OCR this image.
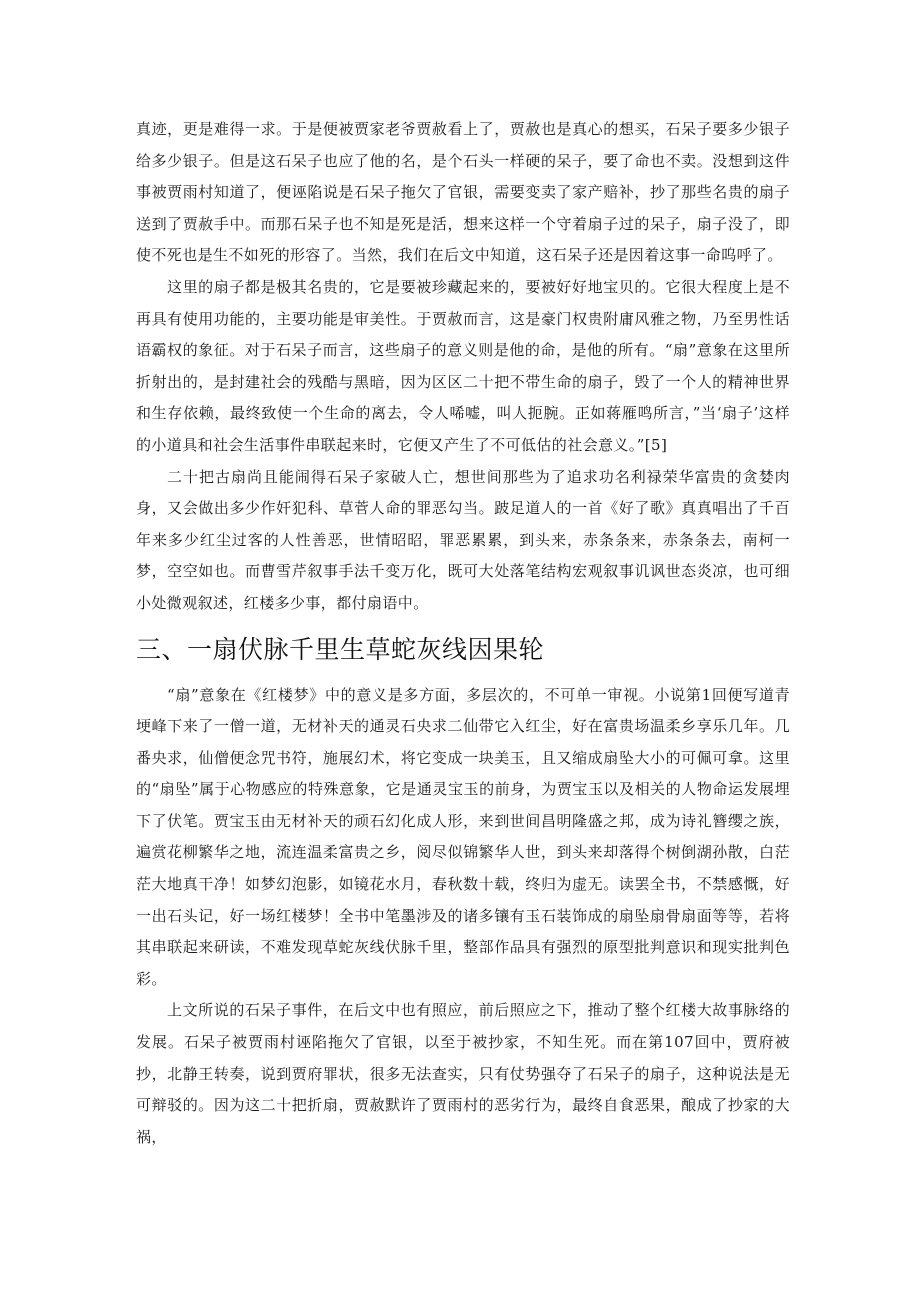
真迹，更是难得一求。于是便被贾家老爷贾赦看上了，贾赦也是真心的想买，石呆子要多少银子给多少银子。但是这石呆子也应了他的名，是个石头一样硬的呆子，要了命也不卖。没想到这件事被贾雨村知道了，便诬陷说是石呆子拖欠了官银，需要变卖了家产赔补，抄了那些名贵的扇子送到了贾赦手中。而那石呆子也不知是死是活，想来这样一个守着扇子过的呆子，扇子没了，即使不死也是生不如死的形容了。当然，我们在后文中知道，这石呆子还是因着这事一命呜呼了。

这里的扇子都是极其名贵的，它是要被珍藏起来的，要被好好地宝贝的。它很大程度上是不再具有使用功能的，主要功能是审美性。于贾赦而言，这是豪门权贵附庸风雅之物，乃至男性话语霸权的象征。对于石呆子而言，这些扇子的意义则是他的命，是他的所有。“扇”意象在这里所折射出的，是封建社会的残酷与黑暗，因为区区二十把不带生命的扇子，毁了一个人的精神世界和生存依赖，最终致使一个生命的离去，令人唏嘘，叫人扼腕。正如蒋雁鸣所言，”当‘扇子’这样的小道具和社会生活事件串联起来时，它便又产生了不可低估的社会意义。”[5]

二十把古扇尚且能闹得石呆子家破人亡，想世间那些为了追求功名利禄荣华富贵的贪婪肉身，又会做出多少作奸犯科、草菅人命的罪恶勾当。跛足道人的一首《好了歌》真真唱出了千百年来多少红尘过客的人性善恶，世情昭昭，罪恶累累，到头来，赤条条来，赤条条去，南柯一梦，空空如也。而曹雪芹叙事手法千变万化，既可大处落笔结构宏观叙事讥讽世态炎凉，也可细小处微观叙述，红楼多少事，都付扇语中。

三、一扇伏脉千里生草蛇灰线因果轮

“扇”意象在《红楼梦》中的意义是多方面，多层次的，不可单一审视。小说第1回便写道青埂峰下来了一僧一道，无材补天的通灵石央求二仙带它入红尘，好在富贵场温柔乡享乐几年。几番央求，仙僧便念咒书符，施展幻术，将它变成一块美玉，且又缩成扇坠大小的可佩可拿。这里的“扇坠”属于心物感应的特殊意象，它是通灵宝玉的前身，为贾宝玉以及相关的人物命运发展埋下了伏笔。贾宝玉由无材补天的顽石幻化成人形，来到世间昌明隆盛之邦，成为诗礼簪缨之族，遍赏花柳繁华之地，流连温柔富贵之乡，阅尽似锦繁华人世，到头来却落得个树倒湖孙散，白茫茫大地真干净！如梦幻泡影，如镜花水月，春秋数十载，终归为虚无。读罢全书，不禁感慨，好一出石头记，好一场红楼梦！全书中笔墨涉及的诸多镶有玉石装饰成的扇坠扇骨扇面等等，若将其串联起来研读，不难发现草蛇灰线伏脉千里，整部作品具有强烈的原型批判意识和现实批判色彩。

上文所说的石呆子事件，在后文中也有照应，前后照应之下，推动了整个红楼大故事脉络的发展。石呆子被贾雨村诬陷拖欠了官银，以至于被抄家，不知生死。而在第107回中，贾府被抄，北静王转奏，说到贾府罪状，很多无法查实，只有仗势强夺了石呆子的扇子，这种说法是无可辩驳的。因为这二十把折扇，贾赦默许了贾雨村的恶劣行为，最终自食恶果，酿成了抄家的大祸，
